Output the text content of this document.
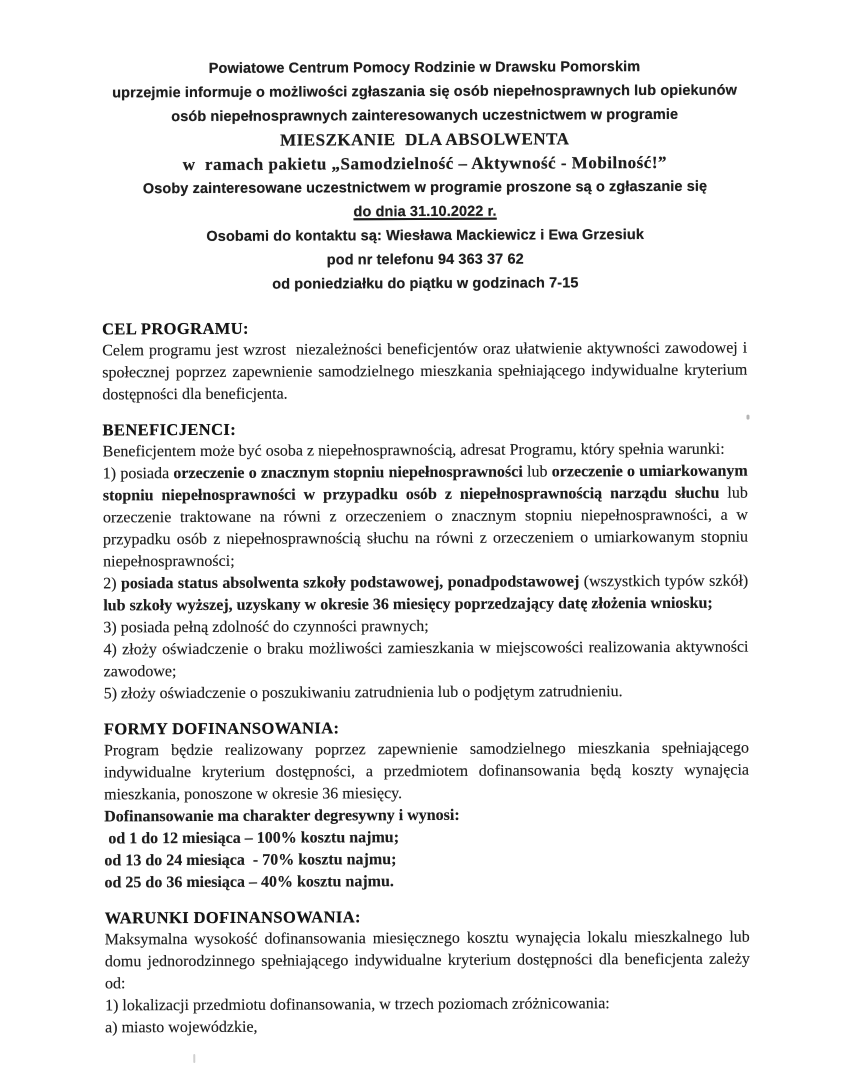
Powiatowe Centrum Pomocy Rodzinie w Drawsku Pomorskim
uprzejmie informuje o możliwości zgłaszania się osób niepełnosprawnych lub opiekunów
osób niepełnosprawnych zainteresowanych uczestnictwem w programie
MIESZKANIE  DLA ABSOLWENTA
w  ramach pakietu „Samodzielność – Aktywność - Mobilność!”
Osoby zainteresowane uczestnictwem w programie proszone są o zgłaszanie się
do dnia 31.10.2022 r.
Osobami do kontaktu są: Wiesława Mackiewicz i Ewa Grzesiuk
pod nr telefonu 94 363 37 62
od poniedziałku do piątku w godzinach 7-15
CEL PROGRAMU:

Celem programu jest wzrost  niezależności beneficjentów oraz ułatwienie aktywności zawodowej i społecznej poprzez zapewnienie samodzielnego mieszkania spełniającego indywidualne kryterium dostępności dla beneficjenta.

BENEFICJENCI:

Beneficjentem może być osoba z niepełnosprawnością, adresat Programu, który spełnia warunki:

1) posiada orzeczenie o znacznym stopniu niepełnosprawności lub orzeczenie o umiarkowanym stopniu niepełnosprawności w przypadku osób z niepełnosprawnością narządu słuchu lub orzeczenie traktowane na równi z orzeczeniem o znacznym stopniu niepełnosprawności, a w przypadku osób z niepełnosprawnością słuchu na równi z orzeczeniem o umiarkowanym stopniu niepełnosprawności;

2) posiada status absolwenta szkoły podstawowej, ponadpodstawowej (wszystkich typów szkół) lub szkoły wyższej, uzyskany w okresie 36 miesięcy poprzedzający datę złożenia wniosku;

3) posiada pełną zdolność do czynności prawnych;

4) złoży oświadczenie o braku możliwości zamieszkania w miejscowości realizowania aktywności zawodowe;

5) złoży oświadczenie o poszukiwaniu zatrudnienia lub o podjętym zatrudnieniu.

FORMY DOFINANSOWANIA:

Program będzie realizowany poprzez zapewnienie samodzielnego mieszkania spełniającego indywidualne kryterium dostępności, a przedmiotem dofinansowania będą koszty wynajęcia mieszkania, ponoszone w okresie 36 miesięcy.

Dofinansowanie ma charakter degresywny i wynosi:

od 1 do 12 miesiąca – 100% kosztu najmu;

od 13 do 24 miesiąca  - 70% kosztu najmu;

od 25 do 36 miesiąca – 40% kosztu najmu.

WARUNKI DOFINANSOWANIA:

Maksymalna wysokość dofinansowania miesięcznego kosztu wynajęcia lokalu mieszkalnego lub domu jednorodzinnego spełniającego indywidualne kryterium dostępności dla beneficjenta zależy od:

1) lokalizacji przedmiotu dofinansowania, w trzech poziomach zróżnicowania:

a) miasto wojewódzkie,
